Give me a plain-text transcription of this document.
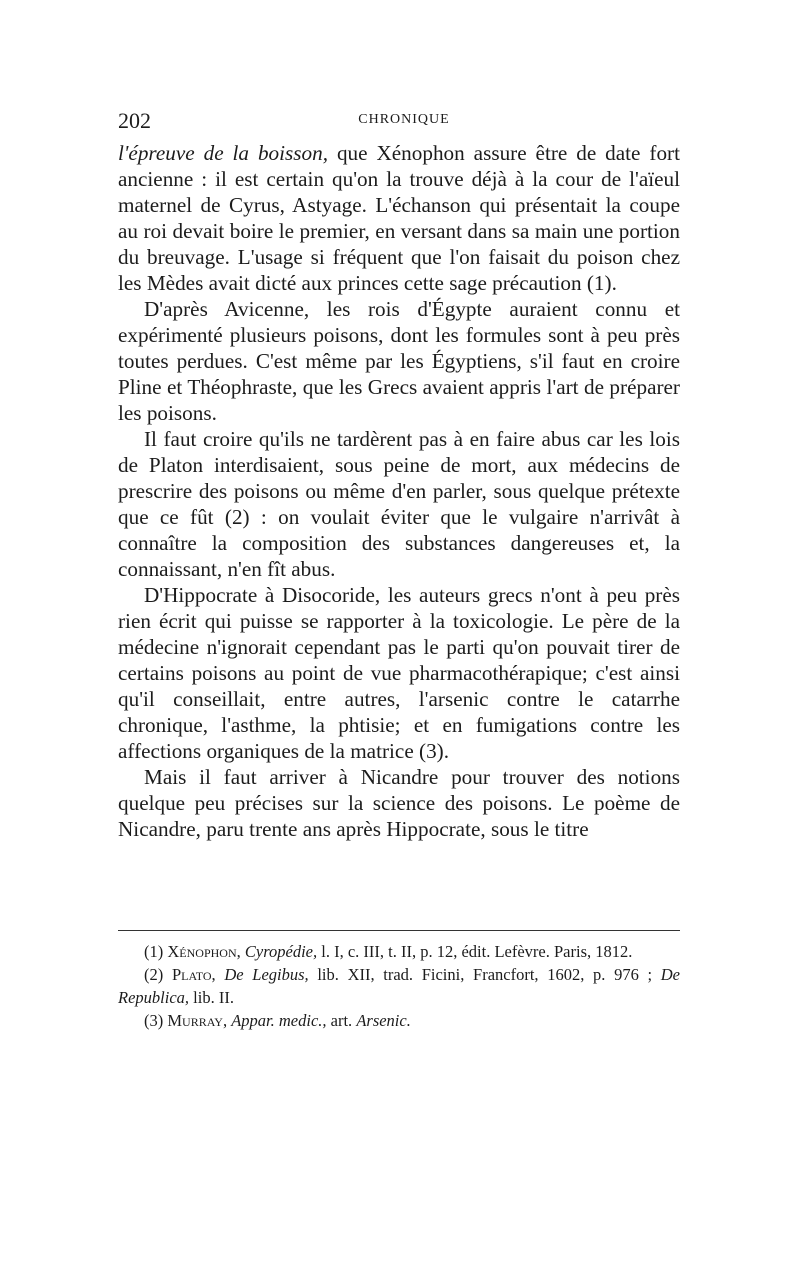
202	CHRONIQUE

l'épreuve de la boisson, que Xénophon assure être de date fort ancienne : il est certain qu'on la trouve déjà à la cour de l'aïeul maternel de Cyrus, Astyage. L'échanson qui présentait la coupe au roi devait boire le premier, en versant dans sa main une portion du breuvage. L'usage si fréquent que l'on faisait du poison chez les Mèdes avait dicté aux princes cette sage précaution (1).

D'après Avicenne, les rois d'Égypte auraient connu et expérimenté plusieurs poisons, dont les formules sont à peu près toutes perdues. C'est même par les Égyptiens, s'il faut en croire Pline et Théophraste, que les Grecs avaient appris l'art de préparer les poisons.

Il faut croire qu'ils ne tardèrent pas à en faire abus car les lois de Platon interdisaient, sous peine de mort, aux médecins de prescrire des poisons ou même d'en parler, sous quelque prétexte que ce fût (2) : on voulait éviter que le vulgaire n'arrivât à connaître la composition des substances dangereuses et, la connaissant, n'en fît abus.

D'Hippocrate à Disocoride, les auteurs grecs n'ont à peu près rien écrit qui puisse se rapporter à la toxicologie. Le père de la médecine n'ignorait cependant pas le parti qu'on pouvait tirer de certains poisons au point de vue pharmacothérapique; c'est ainsi qu'il conseillait, entre autres, l'arsenic contre le catarrhe chronique, l'asthme, la phtisie; et en fumigations contre les affections organiques de la matrice (3).

Mais il faut arriver à Nicandre pour trouver des notions quelque peu précises sur la science des poisons. Le poème de Nicandre, paru trente ans après Hippocrate, sous le titre

(1) Xénophon, Cyropédie, l. I, c. III, t. II, p. 12, édit. Lefèvre. Paris, 1812.

(2) Plato, De Legibus, lib. XII, trad. Ficini, Francfort, 1602, p. 976 ; De Republica, lib. II.

(3) Murray, Appar. medic., art. Arsenic.
